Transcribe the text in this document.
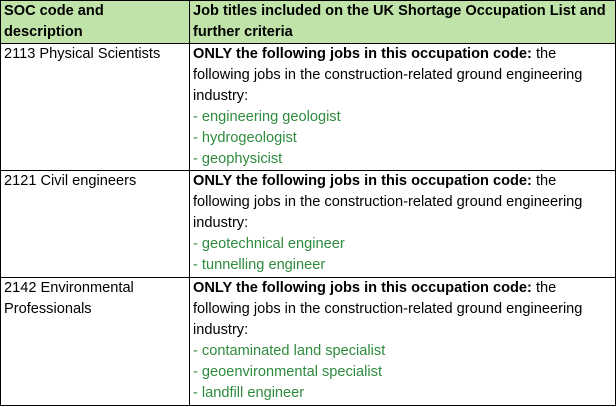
SOC code and description	Job titles included on the UK Shortage Occupation List and further criteria
2113 Physical Scientists	ONLY the following jobs in this occupation code: the following jobs in the construction-related ground engineering industry:
- engineering geologist
- hydrogeologist
- geophysicist

2121 Civil engineers	ONLY the following jobs in this occupation code: the following jobs in the construction-related ground engineering industry:
- geotechnical engineer
- tunnelling engineer

2142 Environmental Professionals	ONLY the following jobs in this occupation code: the following jobs in the construction-related ground engineering industry:
- contaminated land specialist
- geoenvironmental specialist
- landfill engineer
